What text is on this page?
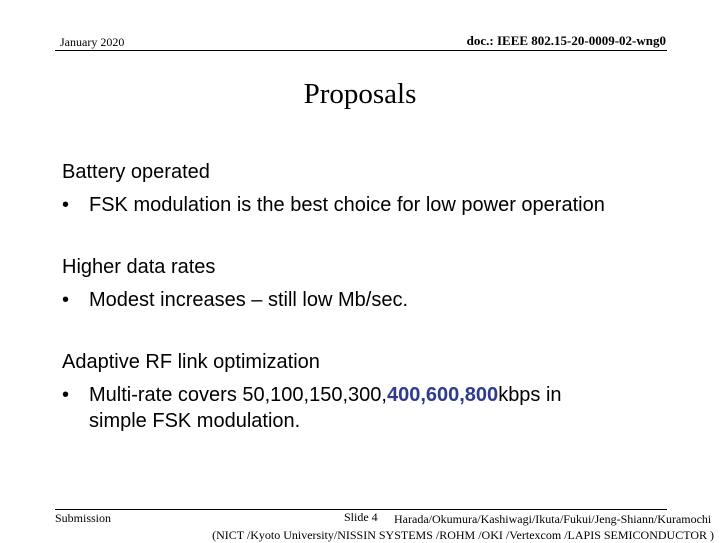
January 2020	doc.: IEEE 802.15-20-0009-02-wng0
Proposals
Battery operated
• FSK modulation is the best choice for low power operation
Higher data rates
• Modest increases – still low Mb/sec.
Adaptive RF link optimization
• Multi-rate covers 50,100,150,300,400,600,800kbps in
simple FSK modulation.
Submission	Slide 4 Harada/Okumura/Kashiwagi/Ikuta/Fukui/Jeng-Shiann/Kuramochi
(NICT /Kyoto University/NISSIN SYSTEMS /ROHM /OKI /Vertexcom /LAPIS SEMICONDUCTOR )
